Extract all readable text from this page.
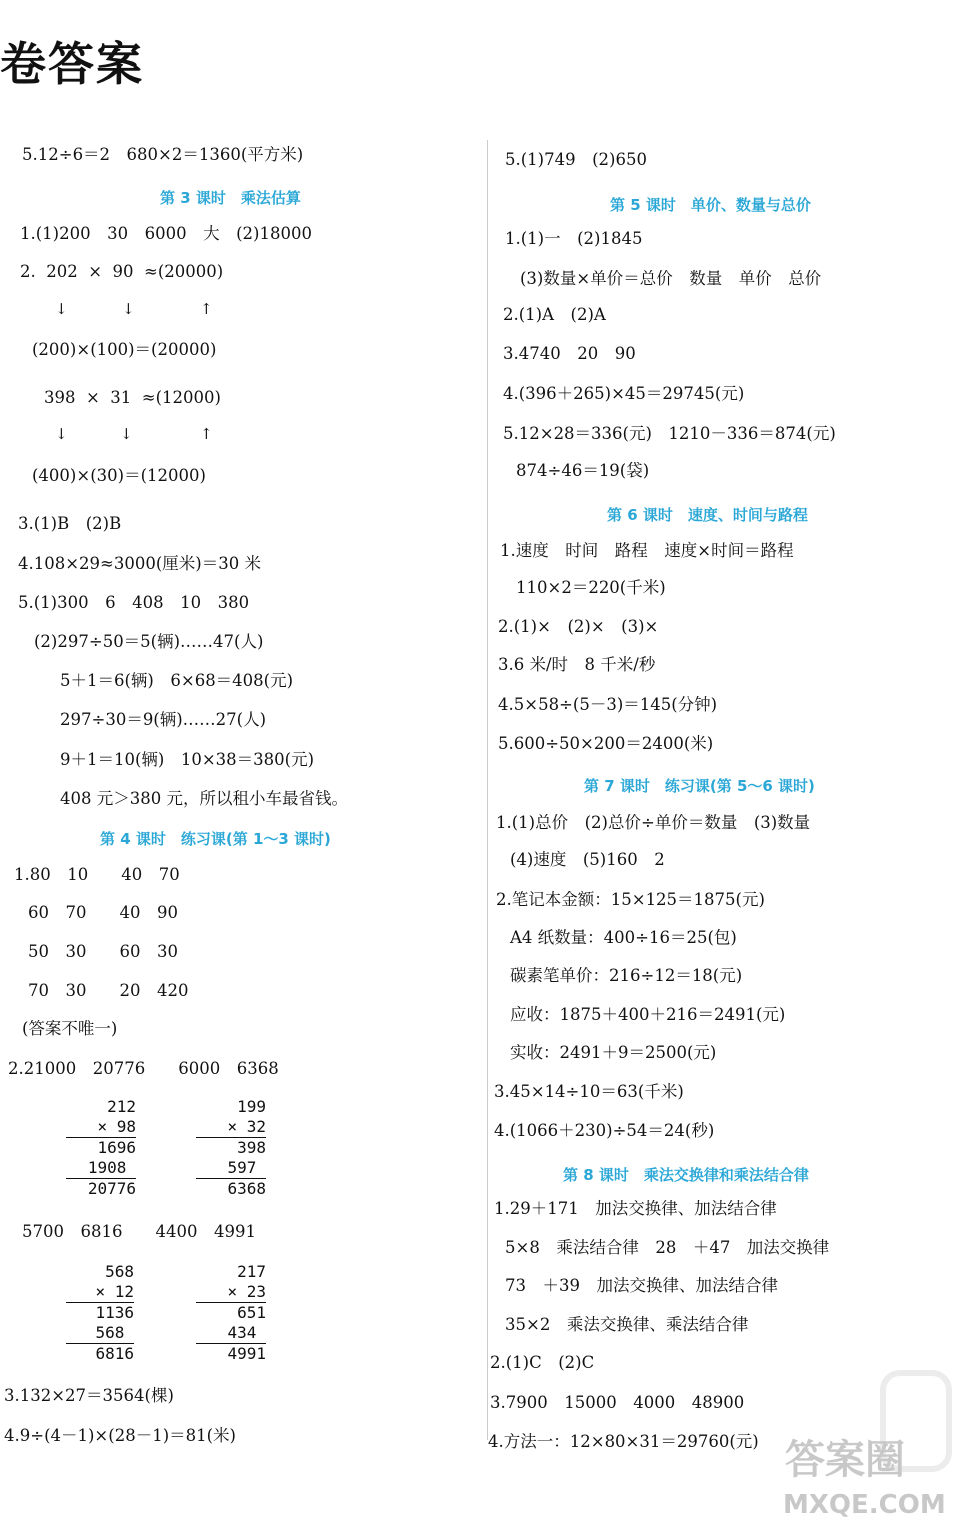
卷答案
5.12÷6＝2　680×2＝1360(平方米)
第 3 课时　乘法估算
1.(1)200　30　6000　大　(2)18000
2.  202  ×  90  ≈(20000)
↓	↓	↑
(200)×(100)＝(20000)
398  ×  31  ≈(12000)
↓	↓	↑
(400)×(30)＝(12000)
3.(1)B　(2)B
4.108×29≈3000(厘米)＝30 米
5.(1)300　6　408　10　380
(2)297÷50＝5(辆)……47(人)
5＋1＝6(辆)　6×68＝408(元)
297÷30＝9(辆)……27(人)
9＋1＝10(辆)　10×38＝380(元)
408 元＞380 元，所以租小车最省钱。
第 4 课时　练习课(第 1～3 课时)
1.80　10　　40　70
60　70　　40　90
50　30　　60　30
70　30　　20　420
(答案不唯一)
2.21000　20776　　6000　6368
212
× 98
1696
1908
20776
199
× 32
398
597
6368
5700　6816　　4400　4991
568
× 12
1136
568
6816
217
× 23
651
434
4991
3.132×27＝3564(棵)
4.9÷(4－1)×(28－1)＝81(米)
5.(1)749　(2)650
第 5 课时　单价、数量与总价
1.(1)一　(2)1845
(3)数量×单价＝总价　数量　单价　总价
2.(1)A　(2)A
3.4740　20　90
4.(396＋265)×45＝29745(元)
5.12×28＝336(元)　1210－336＝874(元)
874÷46＝19(袋)
第 6 课时　速度、时间与路程
1.速度　时间　路程　速度×时间＝路程
110×2＝220(千米)
2.(1)×　(2)×　(3)×
3.6 米/时　8 千米/秒
4.5×58÷(5－3)＝145(分钟)
5.600÷50×200＝2400(米)
第 7 课时　练习课(第 5～6 课时)
1.(1)总价　(2)总价÷单价＝数量　(3)数量
(4)速度　(5)160　2
2.笔记本金额：15×125＝1875(元)
A4 纸数量：400÷16＝25(包)
碳素笔单价：216÷12＝18(元)
应收：1875＋400＋216＝2491(元)
实收：2491＋9＝2500(元)
3.45×14÷10＝63(千米)
4.(1066＋230)÷54＝24(秒)
第 8 课时　乘法交换律和乘法结合律
1.29＋171　加法交换律、加法结合律
5×8　乘法结合律　28　＋47　加法交换律
73　＋39　加法交换律、加法结合律
35×2　乘法交换律、乘法结合律
2.(1)C　(2)C
3.7900　15000　4000　48900
4.方法一：12×80×31＝29760(元) 答案圈
MXQE.COM
